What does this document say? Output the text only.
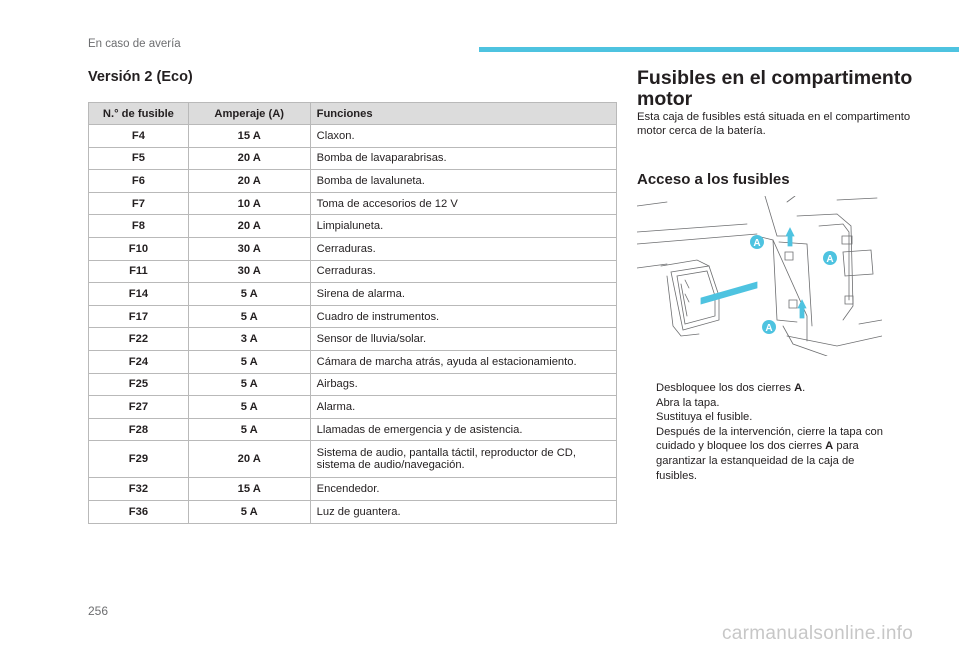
En caso de avería
Versión 2 (Eco)
N.° de fusible	Amperaje (A)	Funciones
F4	15 A	Claxon.
F5	20 A	Bomba de lavaparabrisas.
F6	20 A	Bomba de lavaluneta.
F7	10 A	Toma de accesorios de 12 V
F8	20 A	Limpialuneta.
F10	30 A	Cerraduras.
F11	30 A	Cerraduras.
F14	5 A	Sirena de alarma.
F17	5 A	Cuadro de instrumentos.
F22	3 A	Sensor de lluvia/solar.
F24	5 A	Cámara de marcha atrás, ayuda al estacionamiento.
F25	5 A	Airbags.
F27	5 A	Alarma.
F28	5 A	Llamadas de emergencia y de asistencia.
F29	20 A	Sistema de audio, pantalla táctil, reproductor de CD, sistema de audio/navegación.
F32	15 A	Encendedor.
F36	5 A	Luz de guantera.
Fusibles en el compartimento motor
Esta caja de fusibles está situada en el compartimento motor cerca de la batería.
Acceso a los fusibles
A
A
A
Desbloquee los dos cierres A.
Abra la tapa.
Sustituya el fusible.
Después de la intervención, cierre la tapa con cuidado y bloquee los dos cierres A para garantizar la estanqueidad de la caja de fusibles.
256
carmanualsonline.info
